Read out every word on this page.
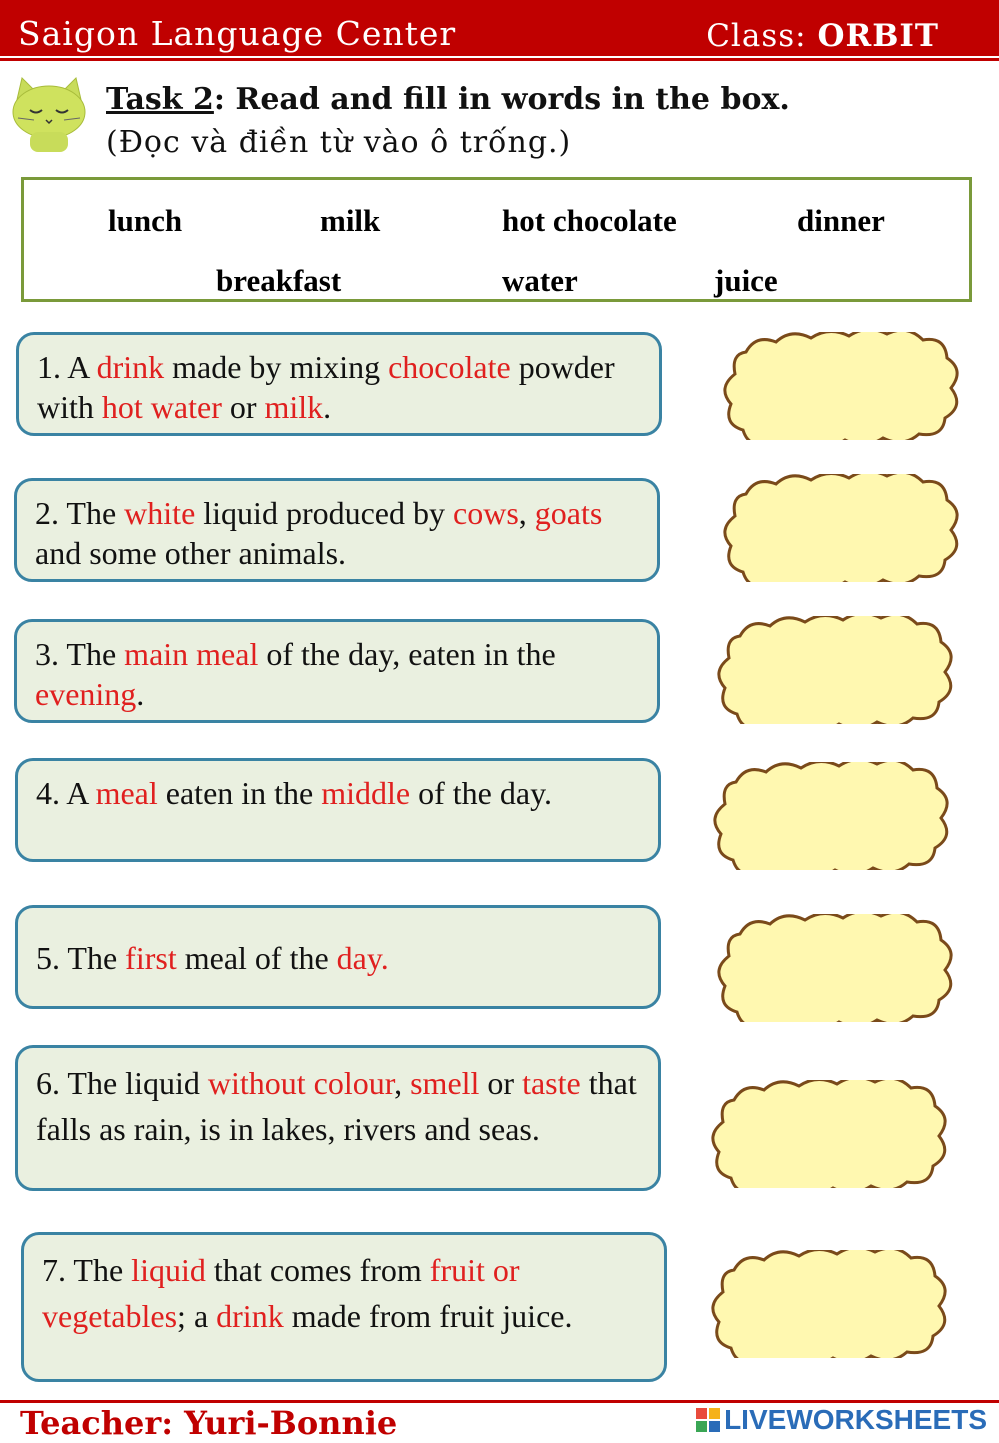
Saigon Language Center	Class: ORBIT
Task 2: Read and fill in words in the box.
(Đọc và điền từ vào ô trống.)
lunch	milk	hot chocolate	dinner
breakfast	water	juice
1. A drink made by mixing chocolate powder with hot water or milk.
2. The white liquid produced by cows, goats and some other animals.
3. The main meal of the day, eaten in the evening.
4. A meal eaten in the middle of the day.
5. The first meal of the day.
6. The liquid without colour, smell or taste that falls as rain, is in lakes, rivers and seas.
7. The liquid that comes from fruit or vegetables; a drink made from fruit juice.
Teacher: Yuri-Bonnie	LIVEWORKSHEETS
